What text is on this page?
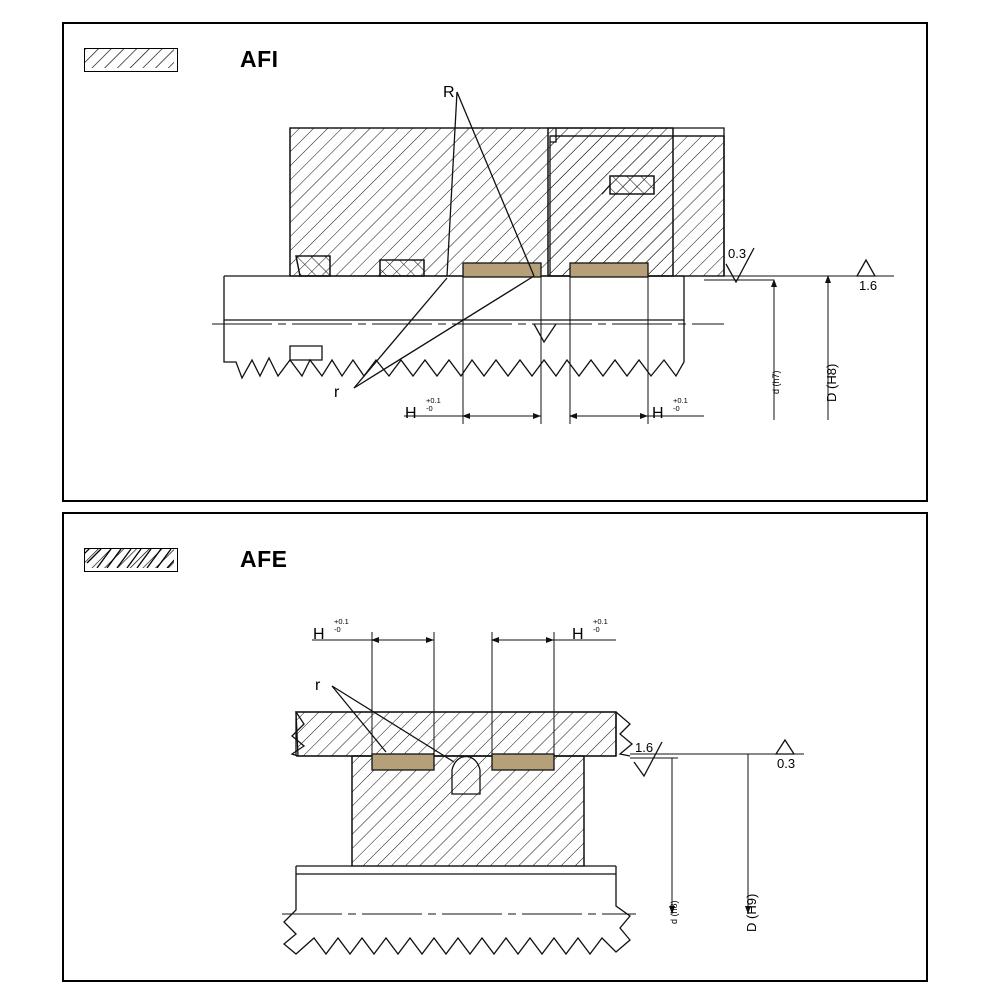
AFI
R
r
H
+0.1
-0	H
+0.1
-0
0.3
1.6
d (h7)	D (H8)
AFE
r
H
+0.1
-0	H
+0.1
-0
1.6
0.3
d (h8)	D (H9)
